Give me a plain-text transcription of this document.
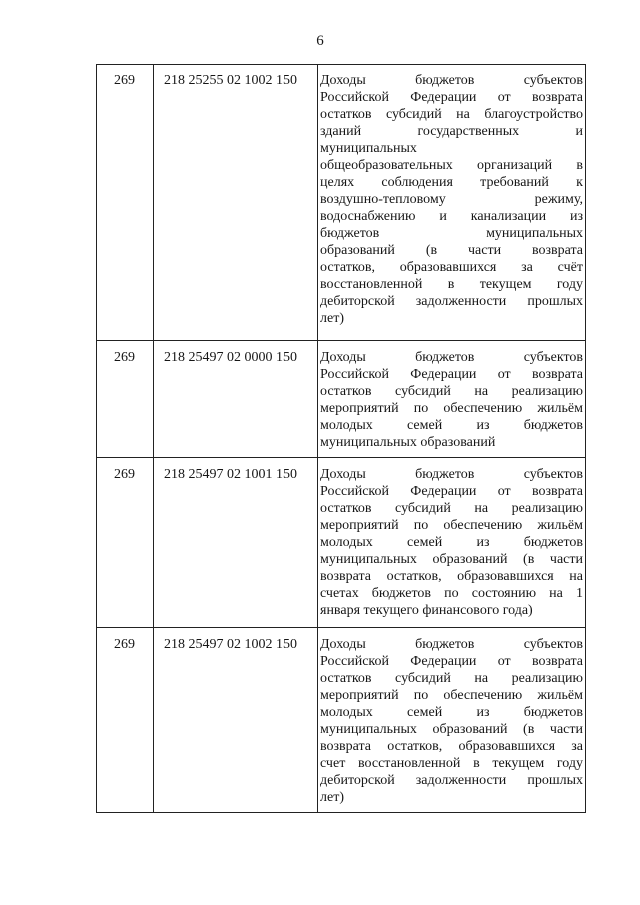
6
269 218 25255 02 1002 150 Доходы бюджетов субъектов
Российской Федерации от возврата
остатков субсидий на благоустройство
зданий государственных и
муниципальных
общеобразовательных организаций в
целях соблюдения требований к
воздушно-тепловому режиму,
водоснабжению и канализации из
бюджетов муниципальных
образований (в части возврата
остатков, образовавшихся за счёт
восстановленной в текущем году
дебиторской задолженности прошлых
лет)
269 218 25497 02 0000 150 Доходы бюджетов субъектов
Российской Федерации от возврата
остатков субсидий на реализацию
мероприятий по обеспечению жильём
молодых семей из бюджетов
муниципальных образований
269 218 25497 02 1001 150 Доходы бюджетов субъектов
Российской Федерации от возврата
остатков субсидий на реализацию
мероприятий по обеспечению жильём
молодых семей из бюджетов
муниципальных образований (в части
возврата остатков, образовавшихся на
счетах бюджетов по состоянию на 1
января текущего финансового года)
269 218 25497 02 1002 150 Доходы бюджетов субъектов
Российской Федерации от возврата
остатков субсидий на реализацию
мероприятий по обеспечению жильём
молодых семей из бюджетов
муниципальных образований (в части
возврата остатков, образовавшихся за
счет восстановленной в текущем году
дебиторской задолженности прошлых
лет)
